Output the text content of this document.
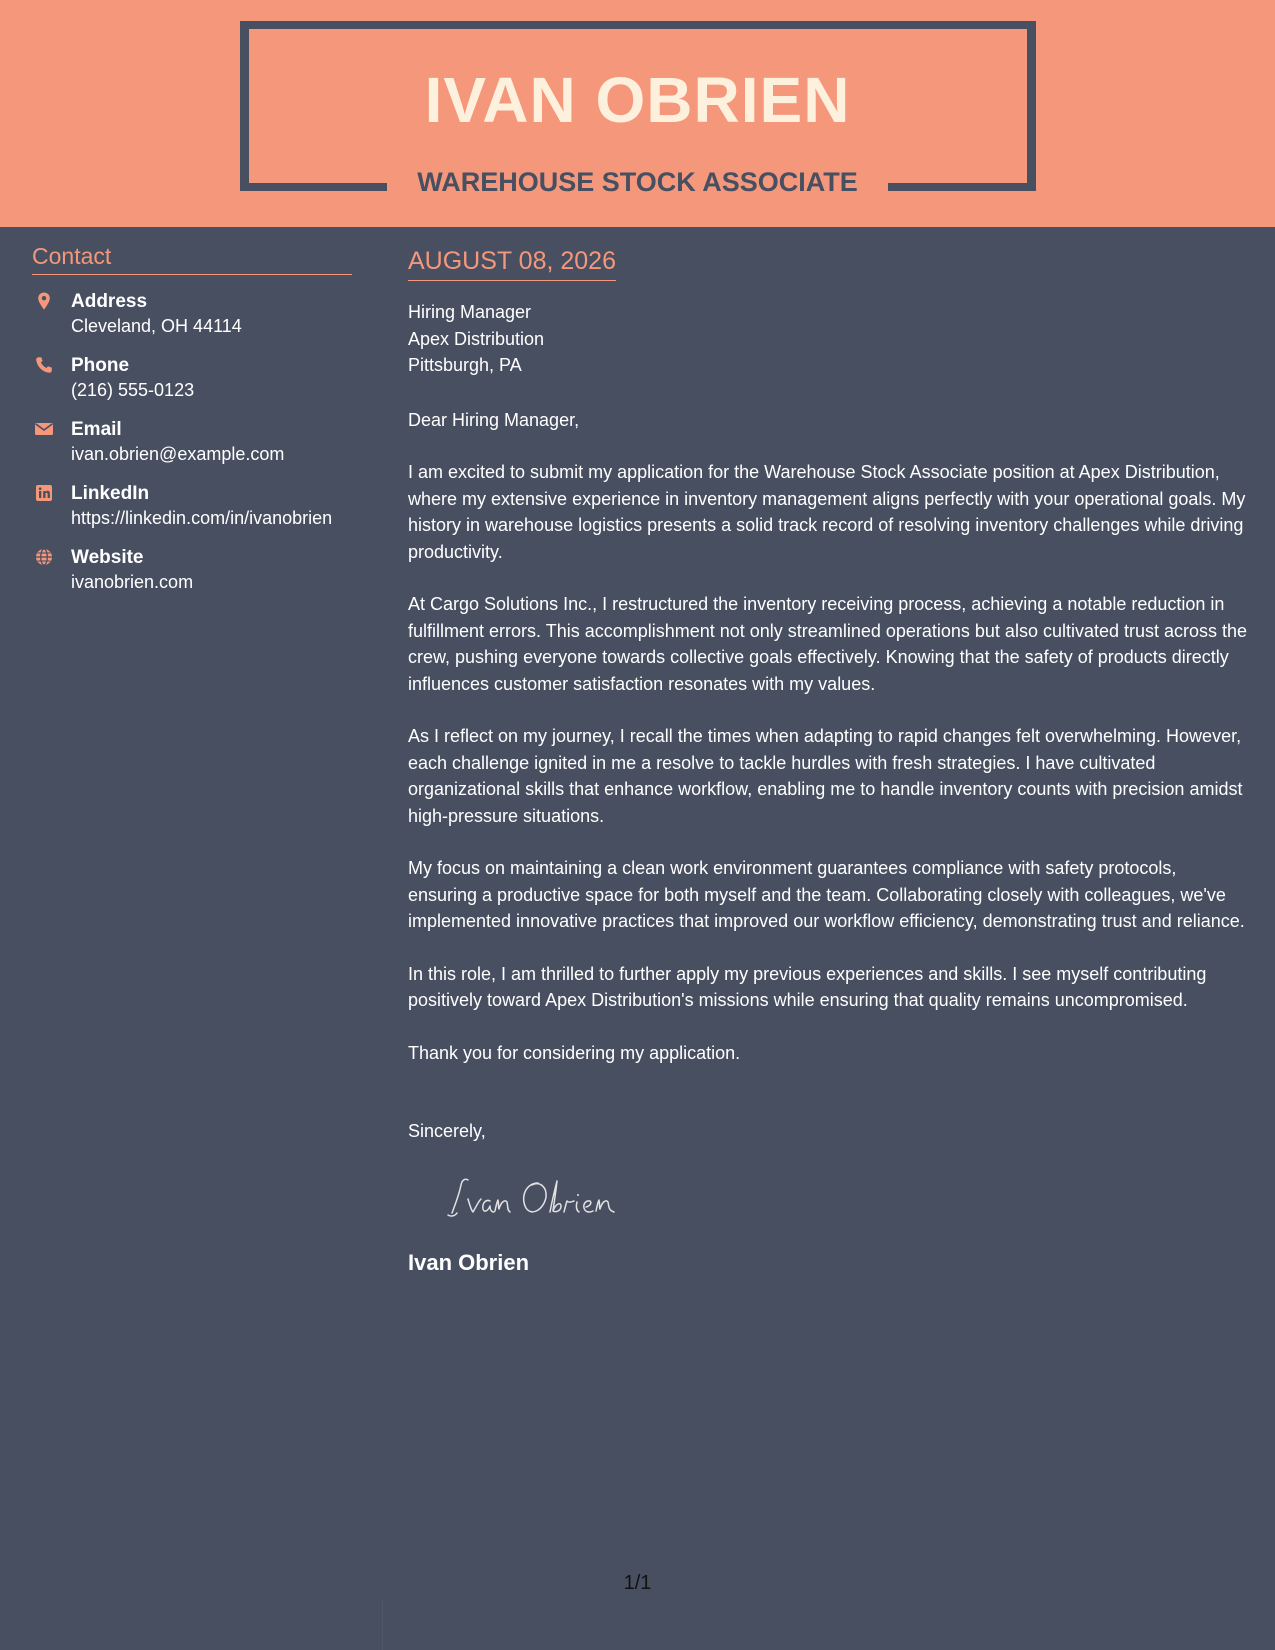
IVAN OBRIEN
WAREHOUSE STOCK ASSOCIATE
Contact
Address
Cleveland, OH 44114
Phone
(216) 555-0123
Email
ivan.obrien@example.com
LinkedIn
https://linkedin.com/in/ivanobrien
Website
ivanobrien.com
AUGUST 08, 2026
Hiring Manager
Apex Distribution
Pittsburgh, PA
Dear Hiring Manager,

I am excited to submit my application for the Warehouse Stock Associate position at Apex Distribution, where my extensive experience in inventory management aligns perfectly with your operational goals. My history in warehouse logistics presents a solid track record of resolving inventory challenges while driving productivity.

At Cargo Solutions Inc., I restructured the inventory receiving process, achieving a notable reduction in fulfillment errors. This accomplishment not only streamlined operations but also cultivated trust across the crew, pushing everyone towards collective goals effectively. Knowing that the safety of products directly influences customer satisfaction resonates with my values.

As I reflect on my journey, I recall the times when adapting to rapid changes felt overwhelming. However, each challenge ignited in me a resolve to tackle hurdles with fresh strategies. I have cultivated organizational skills that enhance workflow, enabling me to handle inventory counts with precision amidst high-pressure situations.

My focus on maintaining a clean work environment guarantees compliance with safety protocols, ensuring a productive space for both myself and the team. Collaborating closely with colleagues, we've implemented innovative practices that improved our workflow efficiency, demonstrating trust and reliance.

In this role, I am thrilled to further apply my previous experiences and skills. I see myself contributing positively toward Apex Distribution's missions while ensuring that quality remains uncompromised.

Thank you for considering my application.

Sincerely,
Ivan Obrien
1/1
